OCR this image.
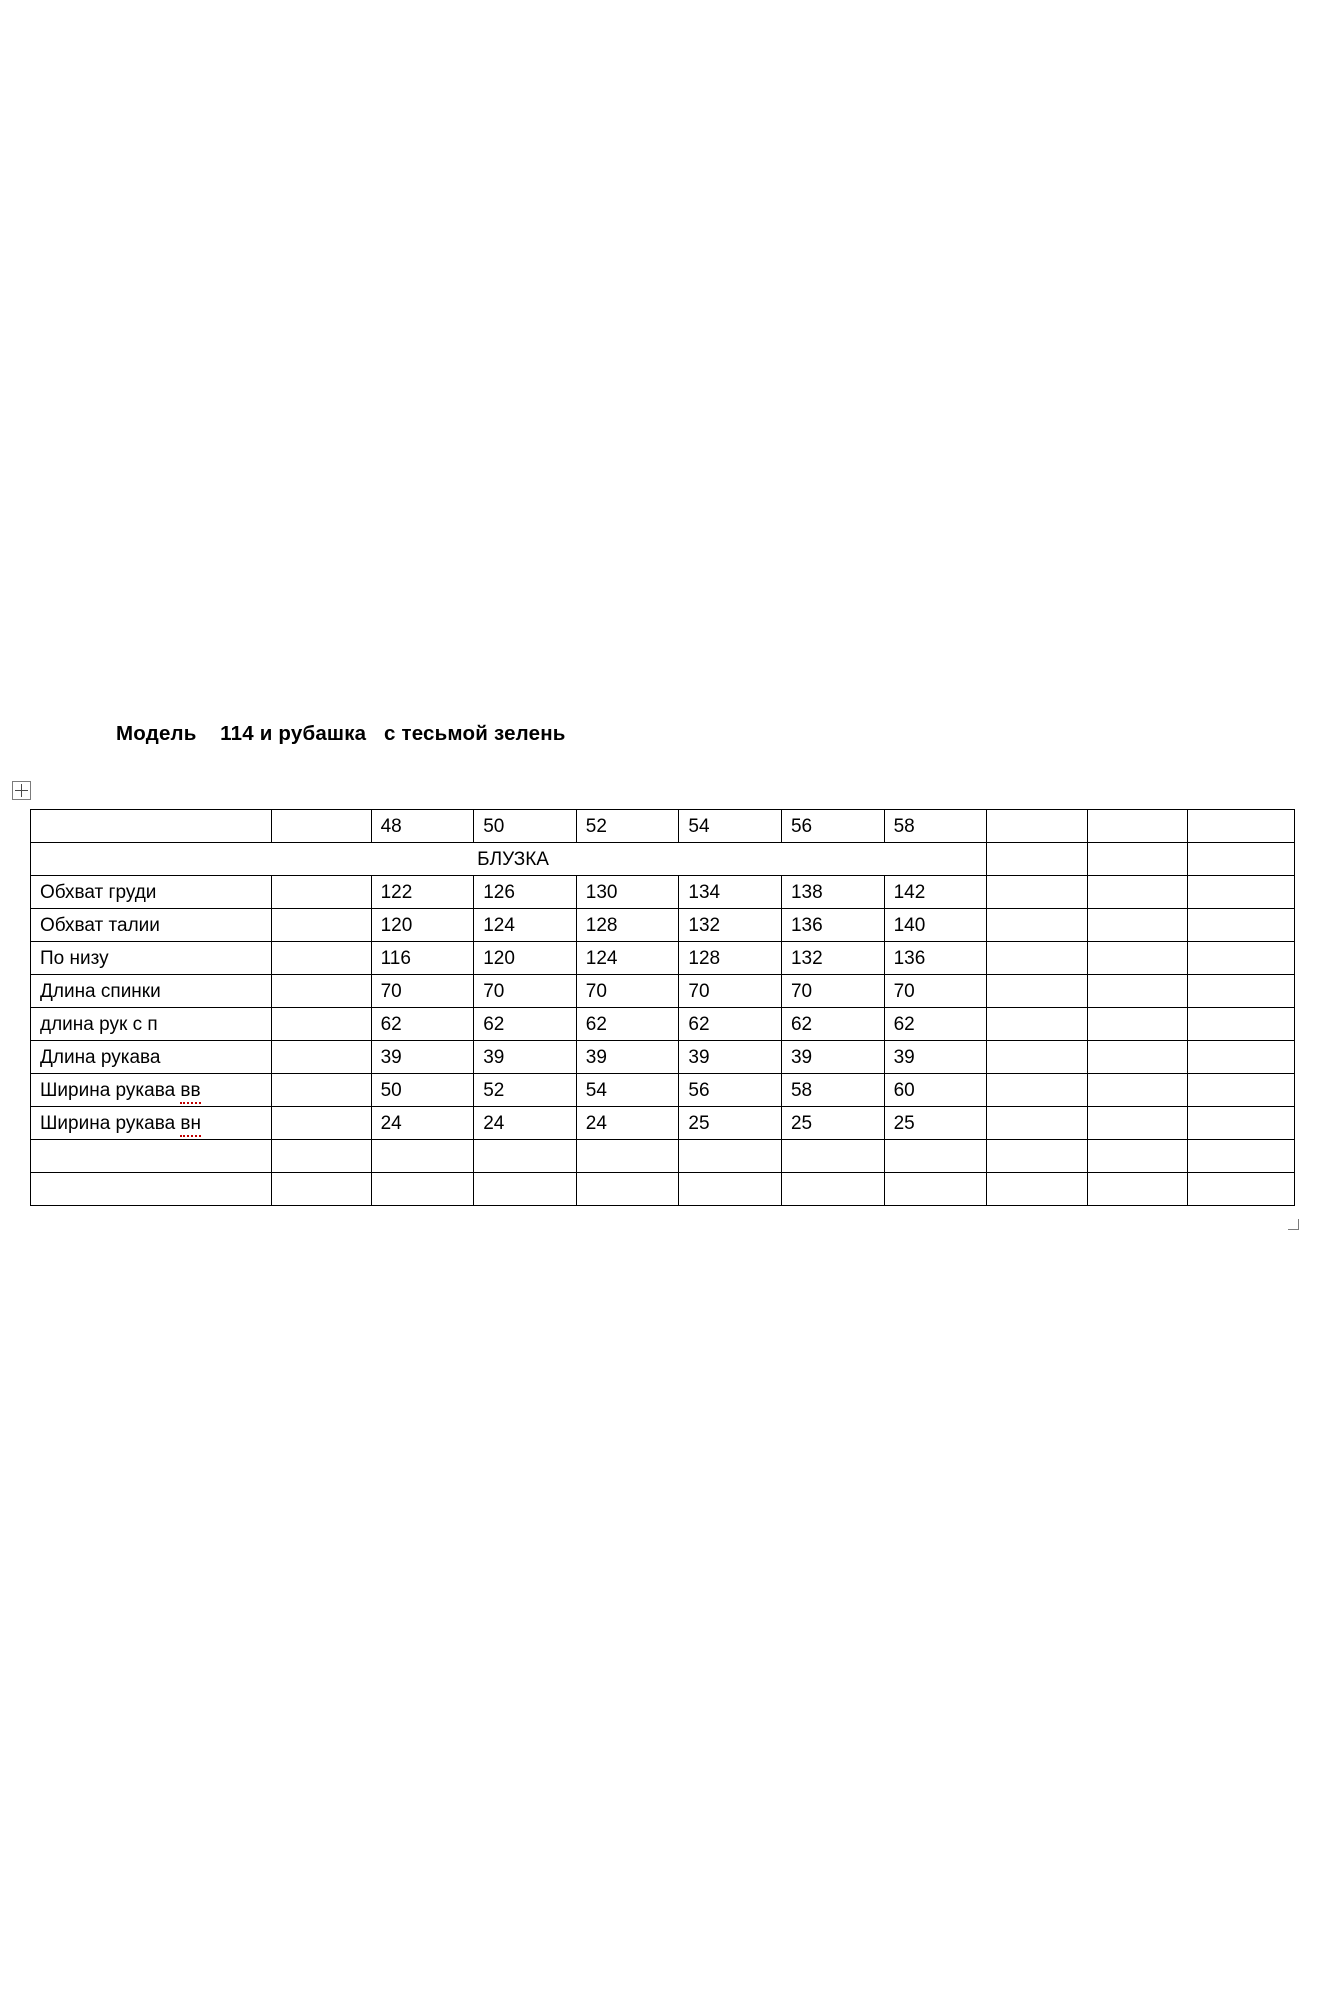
Модель    114 и рубашка   с тесьмой зелень
		48	50	52	54	56	58			
БЛУЗКА										
Обхват груди		122	126	130	134	138	142			
Обхват талии		120	124	128	132	136	140			
По низу		116	120	124	128	132	136			
Длина спинки		70	70	70	70	70	70			
длина рук с п		62	62	62	62	62	62			
Длина рукава		39	39	39	39	39	39			
Ширина рукава вв		50	52	54	56	58	60			
Ширина рукава вн		24	24	24	25	25	25			
